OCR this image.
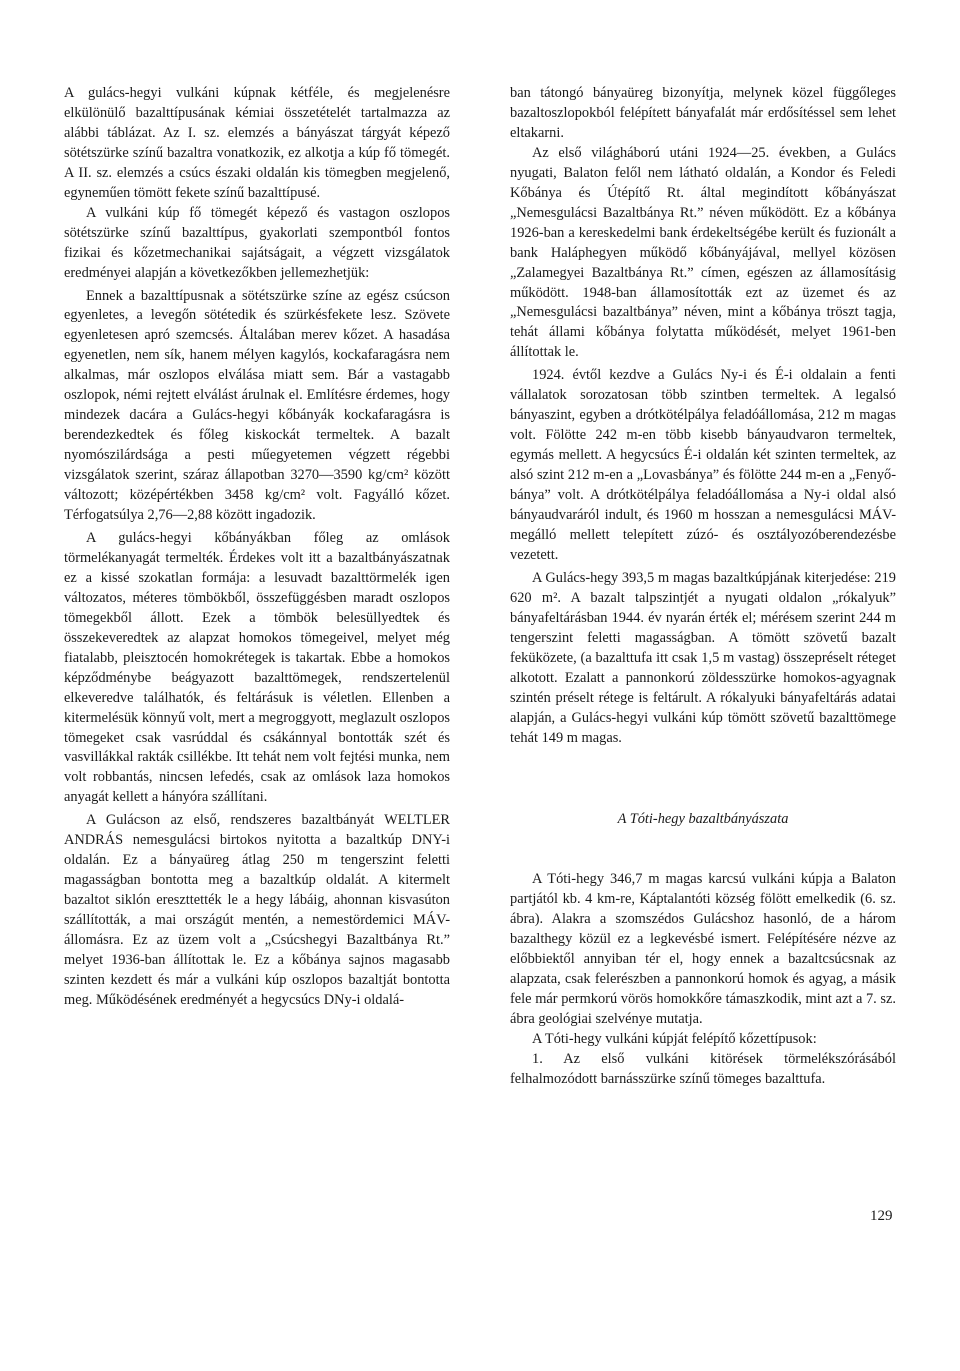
A gulács-hegyi vulkáni kúpnak kétféle, és megjelenésre elkülönülő bazalttípusának kémiai összetételét tartalmazza az alábbi táblázat. Az I. sz. elemzés a bányászat tárgyát képező sötétszürke színű bazaltra vonatkozik, ez alkotja a kúp fő tömegét. A II. sz. elemzés a csúcs északi oldalán kis tömegben megjelenő, egyneműen tömött fekete színű bazalttípusé.

A vulkáni kúp fő tömegét képező és vastagon oszlopos sötétszürke színű bazalttípus, gyakorlati szempontból fontos fizikai és kőzetmechanikai sajátságait, a végzett vizsgálatok eredményei alapján a következőkben jellemezhetjük:

Ennek a bazalttípusnak a sötétszürke színe az egész csúcson egyenletes, a levegőn sötétedik és szürkésfekete lesz. Szövete egyenletesen apró szemcsés. Általában merev kőzet. A hasadása egyenetlen, nem sík, hanem mélyen kagylós, kockafaragásra nem alkalmas, már oszlopos elválása miatt sem. Bár a vastagabb oszlopok, némi rejtett elválást árulnak el. Említésre érdemes, hogy mindezek dacára a Gulács-hegyi kőbányák kockafaragásra is berendezkedtek és főleg kiskockát termeltek. A bazalt nyomószilárdsága a pesti műegyetemen végzett régebbi vizsgálatok szerint, száraz állapotban 3270—3590 kg/cm² között változott; középértékben 3458 kg/cm² volt. Fagyálló kőzet. Térfogatsúlya 2,76—2,88 között ingadozik.

A gulács-hegyi kőbányákban főleg az omlások törmelékanyagát termelték. Érdekes volt itt a bazaltbányászatnak ez a kissé szokatlan formája: a lesuvadt bazalttörmelék igen változatos, méteres tömbökből, összefüggésben maradt oszlopos tömegekből állott. Ezek a tömbök belesüllyedtek és összekeveredtek az alapzat homokos tömegeivel, melyet még fiatalabb, pleisztocén homokrétegek is takartak. Ebbe a homokos képződménybe beágyazott bazalttömegek, rendszertelenül elkeveredve találhatók, és feltárásuk is véletlen. Ellenben a kitermelésük könnyű volt, mert a megroggyott, meglazult oszlopos tömegeket csak vasrúddal és csákánnyal bontották szét és vasvillákkal rakták csillékbe. Itt tehát nem volt fejtési munka, nem volt robbantás, nincsen lefedés, csak az omlások laza homokos anyagát kellett a hányóra szállítani.

A Gulácson az első, rendszeres bazaltbányát WELTLER ANDRÁS nemesgulácsi birtokos nyitotta a bazaltkúp DNY-i oldalán. Ez a bányaüreg átlag 250 m tengerszint feletti magasságban bontotta meg a bazaltkúp oldalát. A kitermelt bazaltot siklón ereszttették le a hegy lábáig, ahonnan kisvasúton szállították, a mai országút mentén, a nemestördemici MÁV-állomásra. Ez az üzem volt a „Csúcshegyi Bazaltbánya Rt.” melyet 1936-ban állítottak le. Ez a kőbánya sajnos magasabb szinten kezdett és már a vulkáni kúp oszlopos bazaltját bontotta meg. Működésének eredményét a hegycsúcs DNy-i oldalá-

ban tátongó bányaüreg bizonyítja, melynek közel függőleges bazaltoszlopokból felépített bányafalát már erdősítéssel sem lehet eltakarni.

Az első világháború utáni 1924—25. években, a Gulács nyugati, Balaton felől nem látható oldalán, a Kondor és Feledi Kőbánya és Útépítő Rt. által megindított kőbányászat „Nemesgulácsi Bazaltbánya Rt.” néven működött. Ez a kőbánya 1926-ban a kereskedelmi bank érdekeltségébe került és fuzionált a bank Haláphegyen működő kőbányájával, mellyel közösen „Zalamegyei Bazaltbánya Rt.” címen, egészen az államosításig működött. 1948-ban államosították ezt az üzemet és az „Nemesgulácsi bazaltbánya” néven, mint a kőbánya tröszt tagja, tehát állami kőbánya folytatta működését, melyet 1961-ben állítottak le.

1924. évtől kezdve a Gulács Ny-i és É-i oldalain a fenti vállalatok sorozatosan több szintben termeltek. A legalsó bányaszint, egyben a drótkötélpálya feladóállomása, 212 m magas volt. Fölötte 242 m-en több kisebb bányaudvaron termeltek, egymás mellett. A hegycsúcs É-i oldalán két szinten termeltek, az alsó szint 212 m-en a „Lovasbánya” és fölötte 244 m-en a „Fenyő-bánya” volt. A drótkötélpálya feladóállomása a Ny-i oldal alsó bányaudvaráról indult, és 1960 m hosszan a nemesgulácsi MÁV-megálló mellett telepített zúzó- és osztályozóberendezésbe vezetett.

A Gulács-hegy 393,5 m magas bazaltkúpjának kiterjedése: 219 620 m². A bazalt talpszintjét a nyugati oldalon „rókalyuk” bányafeltárásban 1944. év nyarán érték el; mérésem szerint 244 m tengerszint feletti magasságban. A tömött szövetű bazalt feküközete, (a bazalttufa itt csak 1,5 m vastag) összepréselt réteget alkotott. Ezalatt a pannonkorú zöldesszürke homokos-agyagnak szintén préselt rétege is feltárult. A rókalyuki bányafeltárás adatai alapján, a Gulács-hegyi vulkáni kúp tömött szövetű bazalttömege tehát 149 m magas.

A Tóti-hegy bazaltbányászata

A Tóti-hegy 346,7 m magas karcsú vulkáni kúpja a Balaton partjától kb. 4 km-re, Káptalantóti község fölött emelkedik (6. sz. ábra). Alakra a szomszédos Gulácshoz hasonló, de a három bazalthegy közül ez a legkevésbé ismert. Felépítésére nézve az előbbiektől annyiban tér el, hogy ennek a bazaltcsúcsnak az alapzata, csak felerészben a pannonkorú homok és agyag, a másik fele már permkorú vörös homokkőre támaszkodik, mint azt a 7. sz. ábra geológiai szelvénye mutatja.

A Tóti-hegy vulkáni kúpját felépítő kőzettípusok:

1. Az első vulkáni kitörések törmelékszórásából felhalmozódott barnásszürke színű tömeges bazalttufa.

129
